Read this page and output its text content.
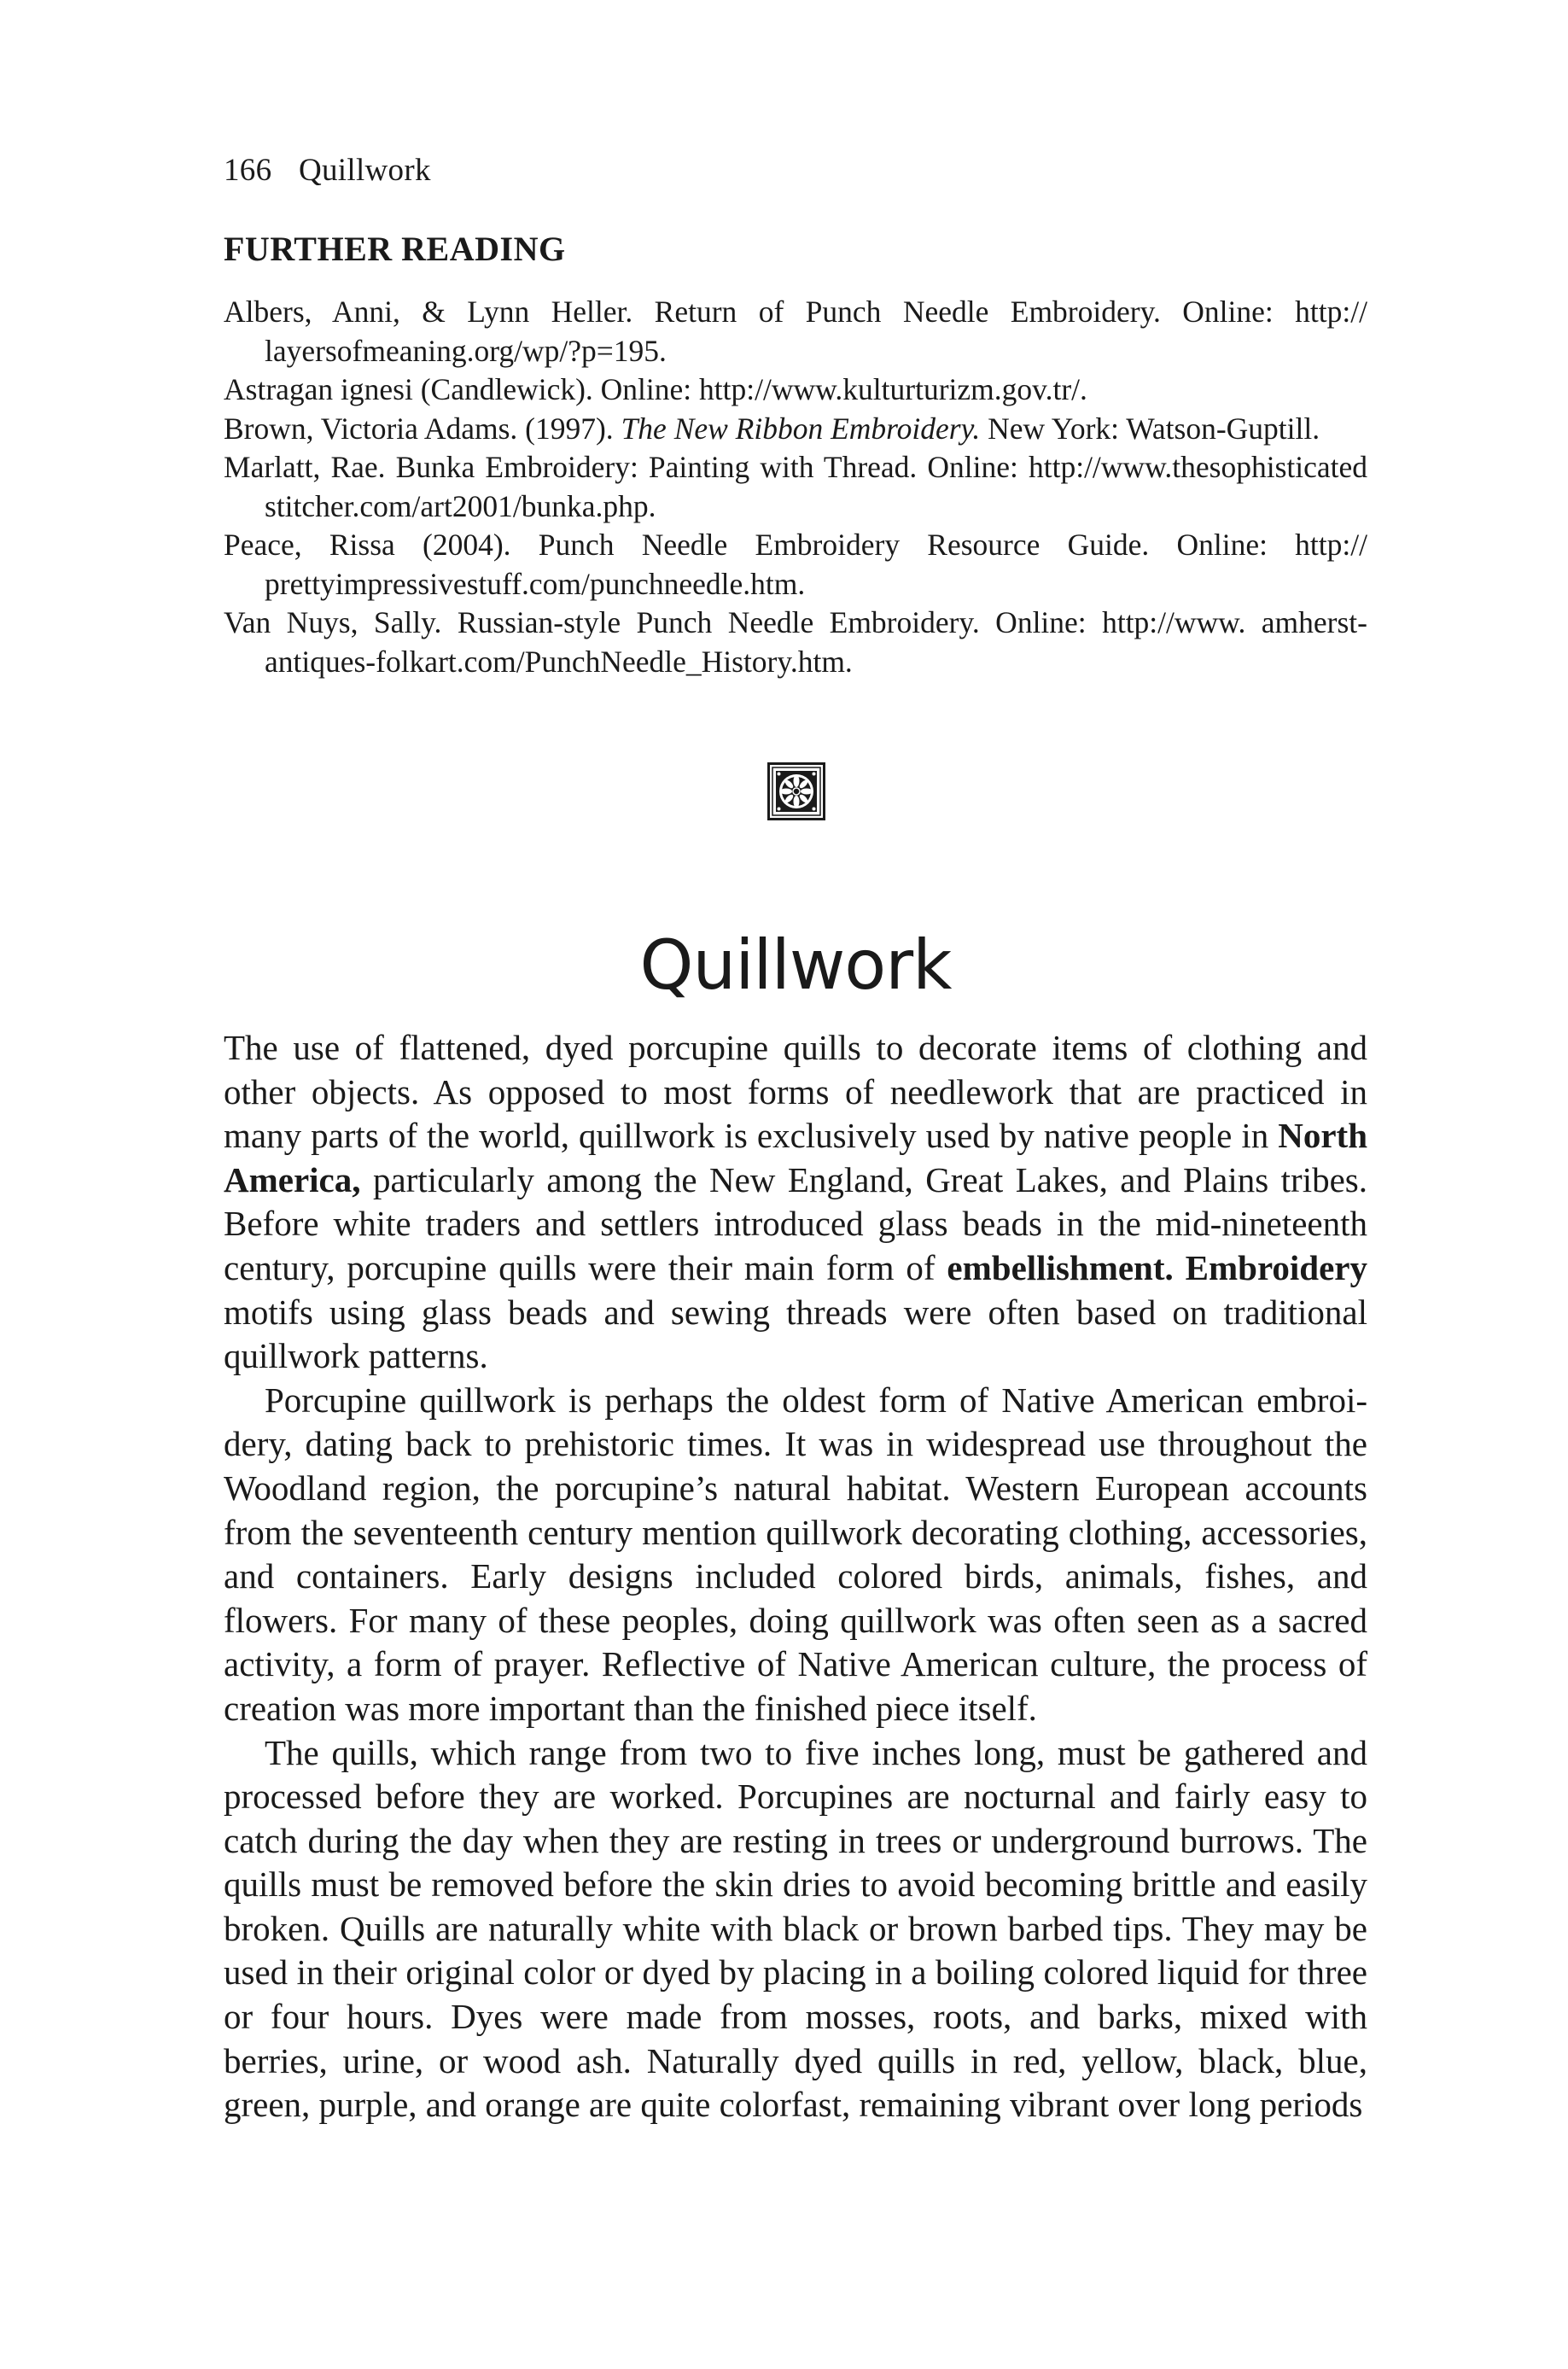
166 Quillwork
FURTHER READING

Albers, Anni, & Lynn Heller. Return of Punch Needle Embroidery. Online: http:// layersofmeaning.org/wp/?p=195.

Astragan ignesi (Candlewick). Online: http://www.kulturturizm.gov.tr/.

Brown, Victoria Adams. (1997). The New Ribbon Embroidery. New York: Watson-Guptill.

Marlatt, Rae. Bunka Embroidery: Painting with Thread. Online: http://www.thesophisticated stitcher.com/art2001/bunka.php.

Peace, Rissa (2004). Punch Needle Embroidery Resource Guide. Online: http:// prettyimpressivestuff.com/punchneedle.htm.

Van Nuys, Sally. Russian-style Punch Needle Embroidery. Online: http://www. amherst-antiques-folkart.com/PunchNeedle_History.htm.

Quillwork

The use of flattened, dyed porcupine quills to decorate items of clothing and other objects. As opposed to most forms of needlework that are practiced in many parts of the world, quillwork is exclusively used by native people in North America, particularly among the New England, Great Lakes, and Plains tribes. Before white traders and settlers introduced glass beads in the mid-nineteenth century, porcupine quills were their main form of embellishment. Embroidery motifs using glass beads and sewing threads were often based on traditional quillwork patterns.

Porcupine quillwork is perhaps the oldest form of Native American embroidery, dating back to prehistoric times. It was in widespread use throughout the Woodland region, the porcupine’s natural habitat. Western European accounts from the seventeenth century mention quillwork decorating clothing, accessories, and containers. Early designs included colored birds, animals, fishes, and flowers. For many of these peoples, doing quillwork was often seen as a sacred activity, a form of prayer. Reflective of Native American culture, the process of creation was more important than the finished piece itself.

The quills, which range from two to five inches long, must be gathered and processed before they are worked. Porcupines are nocturnal and fairly easy to catch during the day when they are resting in trees or underground burrows. The quills must be removed before the skin dries to avoid becoming brittle and easily broken. Quills are naturally white with black or brown barbed tips. They may be used in their original color or dyed by placing in a boiling colored liquid for three or four hours. Dyes were made from mosses, roots, and barks, mixed with berries, urine, or wood ash. Naturally dyed quills in red, yellow, black, blue, green, purple, and orange are quite colorfast, remaining vibrant over long periods
